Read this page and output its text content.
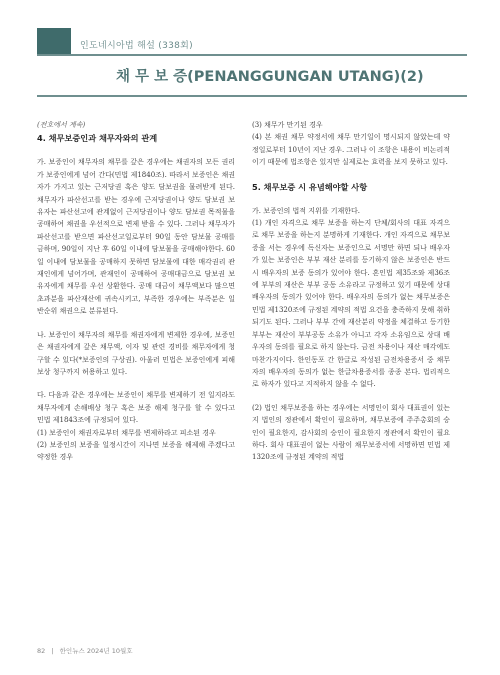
인도네시아법 해설 (338회)
채 무 보 증(PENANGGUNGAN UTANG)(2)

(전호에서 계속)

4. 채무보증인과 채무자와의 관계

가. 보증인이 채무자의 채무를 갚은 경우에는 채권자의 모든 권리가 보증인에게 넘어 간다(민법 제1840조). 따라서 보증인은 채권자가 가지고 있는 근저당권 혹은 양도 담보권을 물려받게 된다. 채무자가 파산선고를 받는 경우에 근저당권이나 양도 담보권 보유자는 파산선고에 관계없이 근저당권이나 양도 담보권 목적물을 공매하여 채권을 우선적으로 변제 받을 수 있다. 그러나 채무자가 파산선고를 받으면 파산선고일로부터 90일 동안 담보물 공매를 금하며, 90일이 지난 후 60일 이내에 담보물을 공매해야한다. 60일 이내에 담보물을 공매하지 못하면 담보물에 대한 매각권리 관재인에게 넘어가며, 관재인이 공매하여 공매대금으로 담보권 보유자에게 채무를 우선 상환한다. 공매 대금이 채무액보다 많으면 초과분을 파산재산에 귀속시키고, 부족한 경우에는 부족분은 일반순위 채권으로 분류된다.

나. 보증인이 채무자의 채무를 채권자에게 변제한 경우에, 보증인은 채권자에게 갚은 채무액, 이자 및 관련 경비를 채무자에게 청구할 수 있다(*보증인의 구상권). 아울러 민법은 보증인에게 피해보상 청구까지 허용하고 있다.

다. 다음과 같은 경우에는 보증인이 채무를 변제하기 전 일지라도 채무자에게 손해배상 청구 혹은 보증 해제 청구를 할 수 있다고 민법 제1843조에 규정되어 있다.

(1) 보증인이 채권자로부터 채무를 변제하라고 피소된 경우

(2) 보증인의 보증을 일정시간이 지나면 보증을 해제해 주겠다고 약정한 경우

(3) 채무가 만기된 경우

(4) 본 채권 채무 약정서에 채무 만기일이 명시되지 않았는데 약정일로부터 10년이 지난 경우. 그러나 이 조항은 내용이 비논리적이기 때문에 법조항은 있지만 실제로는 효력을 보지 못하고 있다.

5. 채무보증 시 유념해야할 사항

가. 보증인의 법적 지위를 기재한다.

(1) 개인 자격으로 채무 보증을 하는지 단체/회사의 대표 자격으로 채무 보증을 하는지 분명하게 기재한다. 개인 자격으로 채무보증을 서는 경우에 독신자는 보증인으로 서명만 하면 되나 배우자가 있는 보증인은 부부 재산 분리를 등기하지 않은 보증인은 반드시 배우자의 보증 동의가 있어야 한다. 혼인법 제35조와 제36조에 부부의 재산은 부부 공동 소유라고 규정하고 있기 때문에 상대 배우자의 동의가 있어야 한다. 배우자의 동의가 없는 채무보증은 민법 제1320조에 규정된 계약의 적법 요건을 충족하지 못해 취하되기도 된다. 그러나 부부 간에 재산분리 약정을 체결하고 등기한 부부는 재산이 부부공동 소유가 아니고 각자 소유임으로 상대 배우자의 동의를 필요로 하지 않는다. 금전 차용이나 재산 매각에도 마찬가지이다. 한인동포 간 한글로 작성된 금전차용증서 중 채무자의 배우자의 동의가 없는 한글차용증서를 종종 본다. 법리적으로 하자가 있다고 지적하지 않을 수 없다.

(2) 법인 채무보증을 하는 경우에는 서명인이 회사 대표권이 있는지 법인의 정관에서 확인이 필요하며, 채무보증에 주주총회의 승인이 필요한지, 감사회의 승인이 필요한지 정관에서 확인이 필요하다. 회사 대표권이 없는 사람이 채무보증서에 서명하면 민법 제1320조에 규정된 계약의 적법

82 | 한인뉴스 2024년 10월호
